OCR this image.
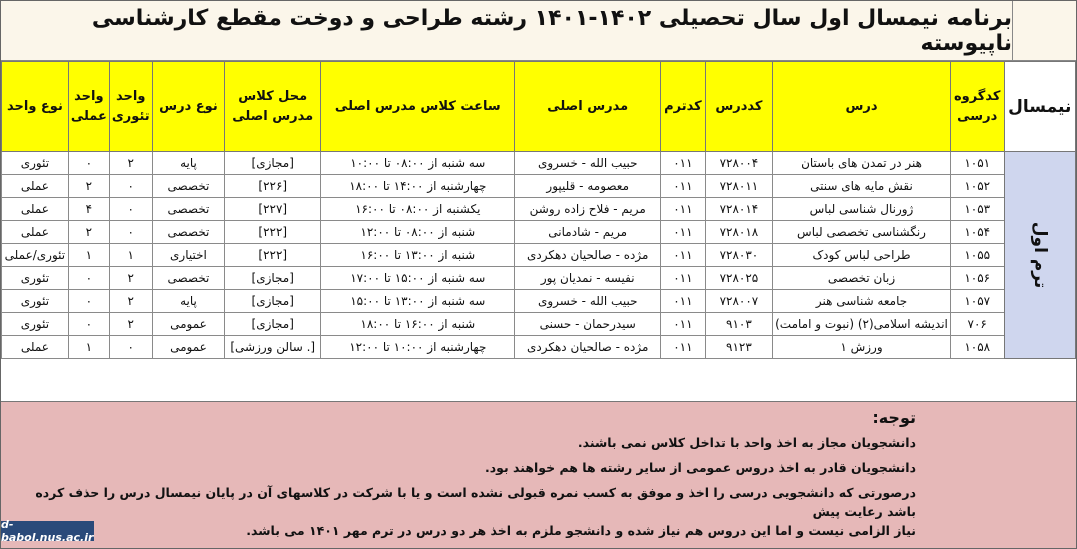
برنامه نیمسال اول سال تحصیلی ۱۴۰۲-۱۴۰۱ رشته طراحی و دوخت مقطع کارشناسی ناپیوسته
نیمسال	کدگروه درسی	درس	کددرس	کدترم	مدرس اصلی	ساعت کلاس مدرس اصلی	محل کلاس مدرس اصلی	نوع درس	واحد تئوری	واحد عملی	نوع واحد
ترم اول	۱۰۵۱	هنر در تمدن های باستان	۷۲۸۰۰۴	۰۱۱	حبیب الله - خسروی	سه شنبه از ۰۸:۰۰ تا ۱۰:۰۰	[مجازی]	پایه	۲	۰	تئوری
	۱۰۵۲	نقش مایه های سنتی	۷۲۸۰۱۱	۰۱۱	معصومه - قلیپور	چهارشنبه از ۱۴:۰۰ تا ۱۸:۰۰	[۲۲۶]	تخصصی	۰	۲	عملی
	۱۰۵۳	ژورنال شناسی لباس	۷۲۸۰۱۴	۰۱۱	مریم - فلاح زاده روشن	یکشنبه از ۰۸:۰۰ تا ۱۶:۰۰	[۲۲۷]	تخصصی	۰	۴	عملی
	۱۰۵۴	رنگشناسی تخصصی لباس	۷۲۸۰۱۸	۰۱۱	مریم - شادمانی	شنبه از ۰۸:۰۰ تا ۱۲:۰۰	[۲۲۲]	تخصصی	۰	۲	عملی
	۱۰۵۵	طراحی لباس کودک	۷۲۸۰۳۰	۰۱۱	مژده - صالحیان دهکردی	شنبه از ۱۳:۰۰ تا ۱۶:۰۰	[۲۲۲]	اختیاری	۱	۱	تئوری/عملی
	۱۰۵۶	زبان تخصصی	۷۲۸۰۲۵	۰۱۱	نفیسه - نمدیان پور	سه شنبه از ۱۵:۰۰ تا ۱۷:۰۰	[مجازی]	تخصصی	۲	۰	تئوری
	۱۰۵۷	جامعه شناسی هنر	۷۲۸۰۰۷	۰۱۱	حبیب الله - خسروی	سه شنبه از ۱۳:۰۰ تا ۱۵:۰۰	[مجازی]	پایه	۲	۰	تئوری
	۷۰۶	اندیشه اسلامی(۲) (نبوت و امامت)	۹۱۰۳	۰۱۱	سیدرحمان - حسنی	شنبه از ۱۶:۰۰ تا ۱۸:۰۰	[مجازی]	عمومی	۲	۰	تئوری
	۱۰۵۸	ورزش ۱	۹۱۲۳	۰۱۱	مژده - صالحیان دهکردی	چهارشنبه از ۱۰:۰۰ تا ۱۲:۰۰	[. سالن ورزشی]	عمومی	۰	۱	عملی
توجه:

دانشجویان مجاز به اخذ واحد با تداخل کلاس نمی باشند.

دانشجویان قادر به اخذ دروس عمومی از سایر رشته ها هم خواهند بود.

درصورتی که دانشجویی درسی را اخذ و موفق به کسب نمره قبولی نشده است و یا با شرکت در کلاسهای آن در پایان نیمسال درس را حذف کرده باشد رعایت پیش

نیاز الزامی نیست و اما این دروس هم نیاز شده و دانشجو ملزم به اخذ هر دو درس در ترم مهر ۱۴۰۱ می باشد.

d-babol.nus.ac.ir
